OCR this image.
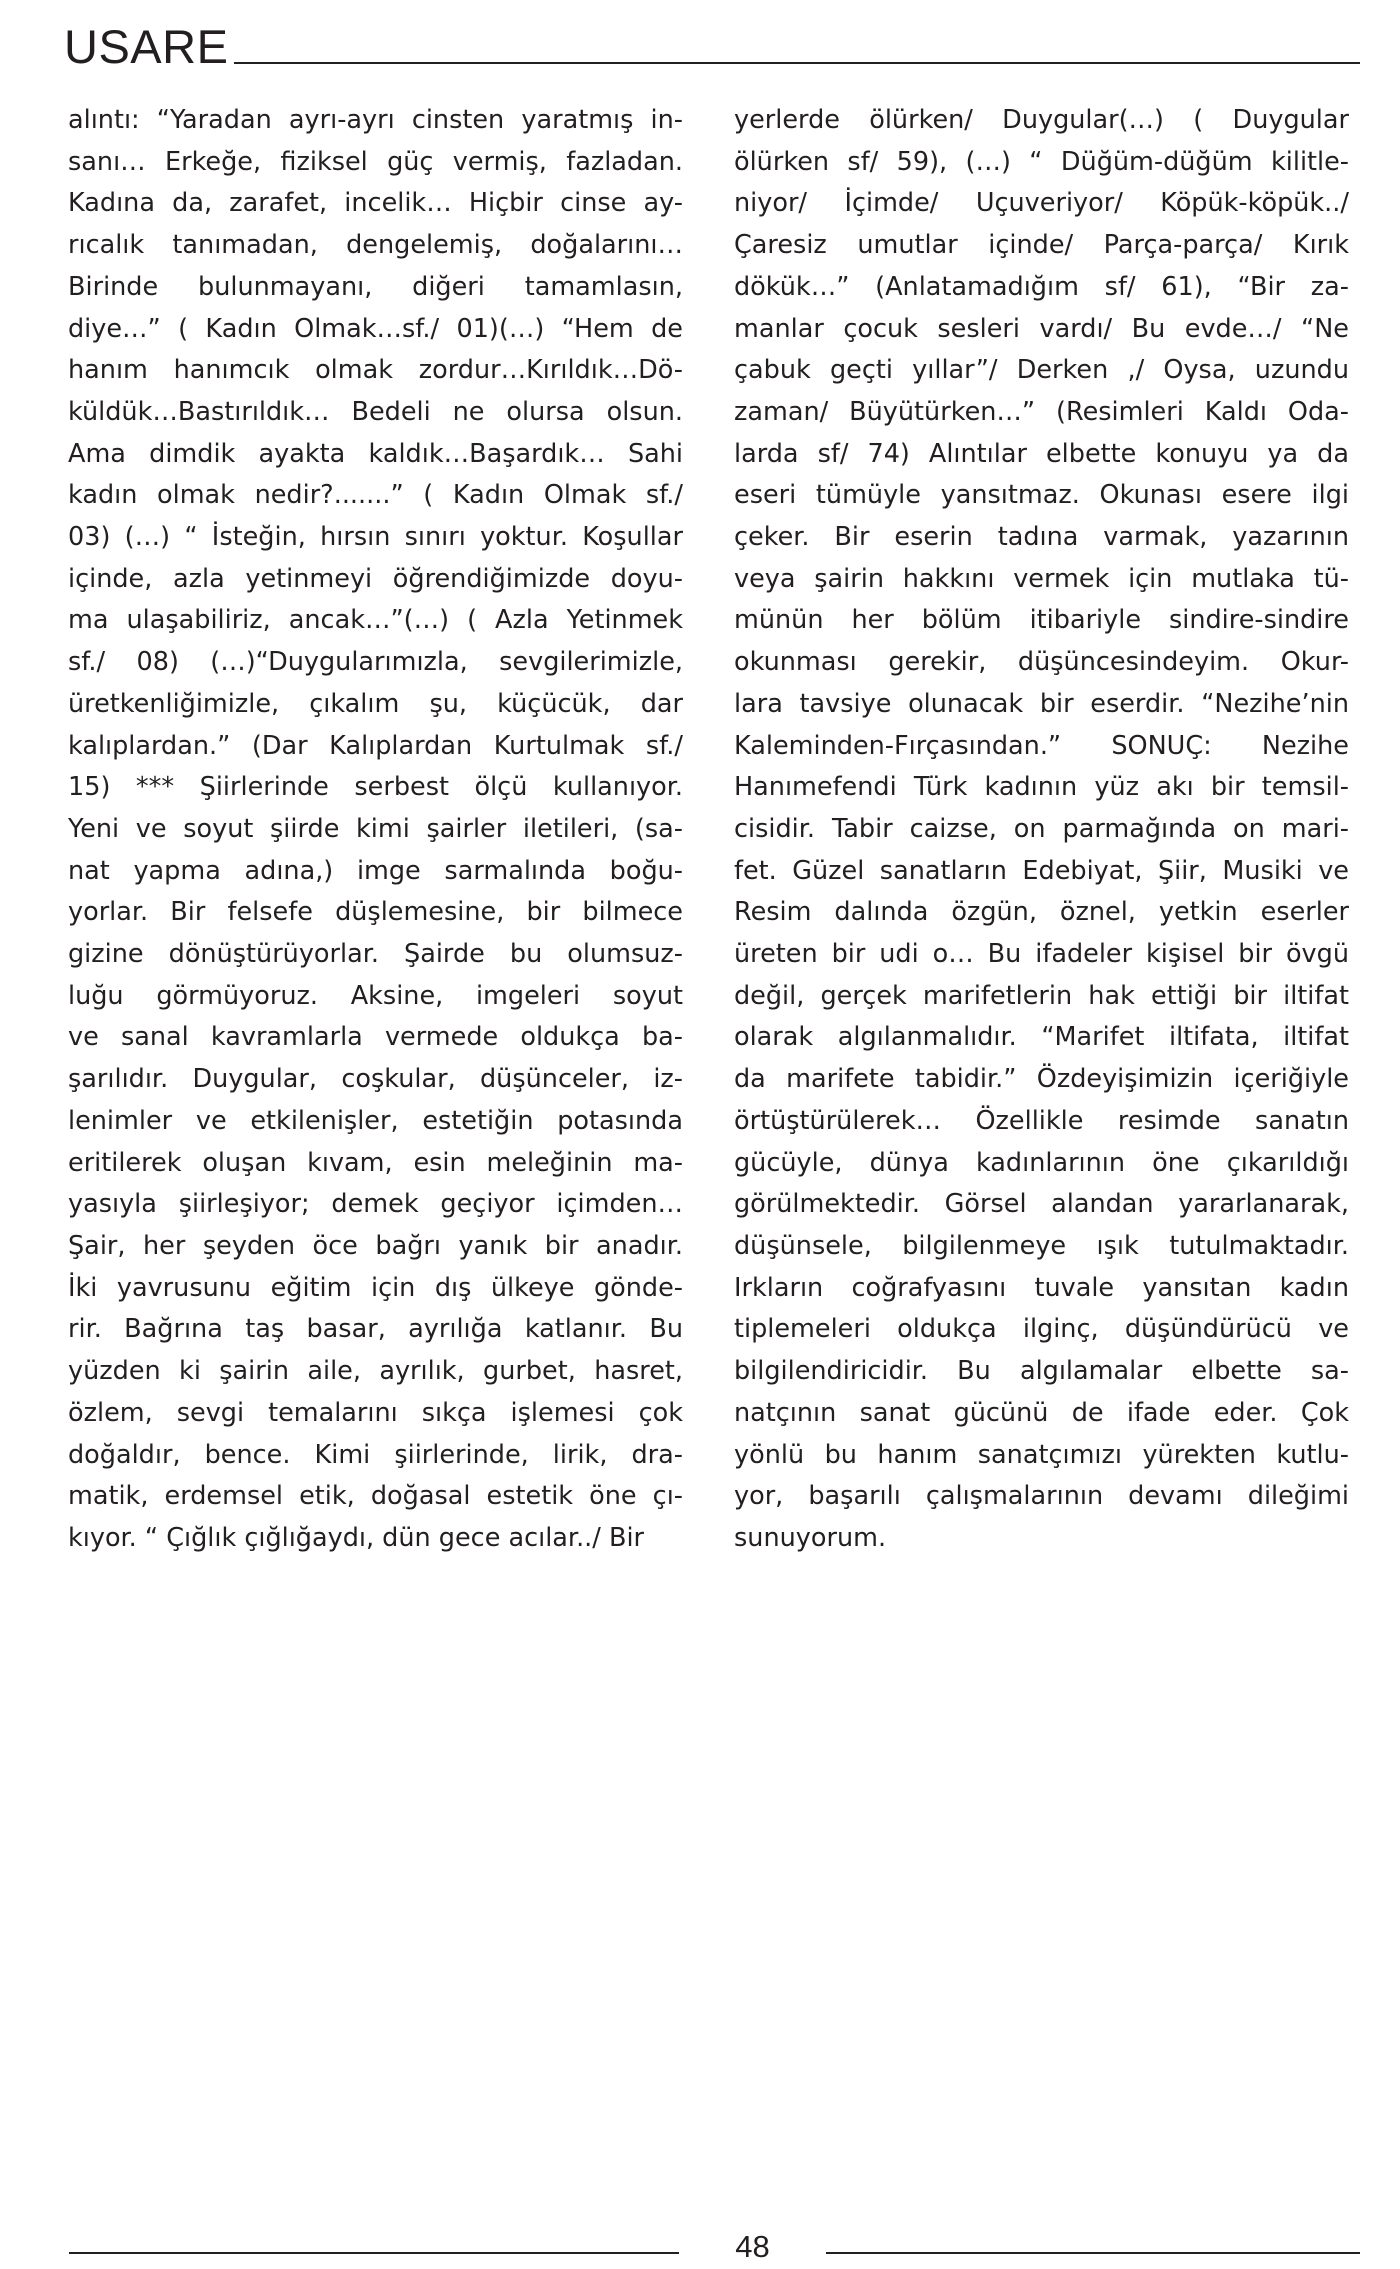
USARE
alıntı: “Yaradan ayrı-ayrı cinsten yaratmış in-
sanı… Erkeğe, fiziksel güç vermiş, fazladan.
Kadına da, zarafet, incelik… Hiçbir cinse ay-
rıcalık tanımadan, dengelemiş, doğalarını…
Birinde bulunmayanı, diğeri tamamlasın,
diye…” ( Kadın Olmak…sf./ 01)(…) “Hem de
hanım hanımcık olmak zordur…Kırıldık…Dö-
küldük…Bastırıldık… Bedeli ne olursa olsun.
Ama dimdik ayakta kaldık…Başardık… Sahi
kadın olmak nedir?.......” ( Kadın Olmak sf./
03) (…) “ İsteğin, hırsın sınırı yoktur. Koşullar
içinde, azla yetinmeyi öğrendiğimizde doyu-
ma ulaşabiliriz, ancak…”(…) ( Azla Yetinmek
sf./ 08) (…)“Duygularımızla, sevgilerimizle,
üretkenliğimizle, çıkalım şu, küçücük, dar
kalıplardan.” (Dar Kalıplardan Kurtulmak sf./
15) *** Şiirlerinde serbest ölçü kullanıyor.
Yeni ve soyut şiirde kimi şairler iletileri, (sa-
nat yapma adına,) imge sarmalında boğu-
yorlar. Bir felsefe düşlemesine, bir bilmece
gizine dönüştürüyorlar. Şairde bu olumsuz-
luğu görmüyoruz. Aksine, imgeleri soyut
ve sanal kavramlarla vermede oldukça ba-
şarılıdır. Duygular, coşkular, düşünceler, iz-
lenimler ve etkilenişler, estetiğin potasında
eritilerek oluşan kıvam, esin meleğinin ma-
yasıyla şiirleşiyor; demek geçiyor içimden…
Şair, her şeyden öce bağrı yanık bir anadır.
İki yavrusunu eğitim için dış ülkeye gönde-
rir. Bağrına taş basar, ayrılığa katlanır. Bu
yüzden ki şairin aile, ayrılık, gurbet, hasret,
özlem, sevgi temalarını sıkça işlemesi çok
doğaldır, bence. Kimi şiirlerinde, lirik, dra-
matik, erdemsel etik, doğasal estetik öne çı-
kıyor. “ Çığlık çığlığaydı, dün gece acılar../ Bir
yerlerde ölürken/ Duygular(…) ( Duygular
ölürken sf/ 59), (…) “ Düğüm-düğüm kilitle-
niyor/ İçimde/ Uçuveriyor/ Köpük-köpük../
Çaresiz umutlar içinde/ Parça-parça/ Kırık
dökük…” (Anlatamadığım sf/ 61), “Bir za-
manlar çocuk sesleri vardı/ Bu evde…/ “Ne
çabuk geçti yıllar”/ Derken ,/ Oysa, uzundu
zaman/ Büyütürken…” (Resimleri Kaldı Oda-
larda sf/ 74) Alıntılar elbette konuyu ya da
eseri tümüyle yansıtmaz. Okunası esere ilgi
çeker. Bir eserin tadına varmak, yazarının
veya şairin hakkını vermek için mutlaka tü-
münün her bölüm itibariyle sindire-sindire
okunması gerekir, düşüncesindeyim. Okur-
lara tavsiye olunacak bir eserdir. “Nezihe’nin
Kaleminden-Fırçasından.” SONUÇ: Nezihe
Hanımefendi Türk kadının yüz akı bir temsil-
cisidir. Tabir caizse, on parmağında on mari-
fet. Güzel sanatların Edebiyat, Şiir, Musiki ve
Resim dalında özgün, öznel, yetkin eserler
üreten bir udi o… Bu ifadeler kişisel bir övgü
değil, gerçek marifetlerin hak ettiği bir iltifat
olarak algılanmalıdır. “Marifet iltifata, iltifat
da marifete tabidir.” Özdeyişimizin içeriğiyle
örtüştürülerek… Özellikle resimde sanatın
gücüyle, dünya kadınlarının öne çıkarıldığı
görülmektedir. Görsel alandan yararlanarak,
düşünsele, bilgilenmeye ışık tutulmaktadır.
Irkların coğrafyasını tuvale yansıtan kadın
tiplemeleri oldukça ilginç, düşündürücü ve
bilgilendiricidir. Bu algılamalar elbette sa-
natçının sanat gücünü de ifade eder. Çok
yönlü bu hanım sanatçımızı yürekten kutlu-
yor, başarılı çalışmalarının devamı dileğimi
sunuyorum.
48
